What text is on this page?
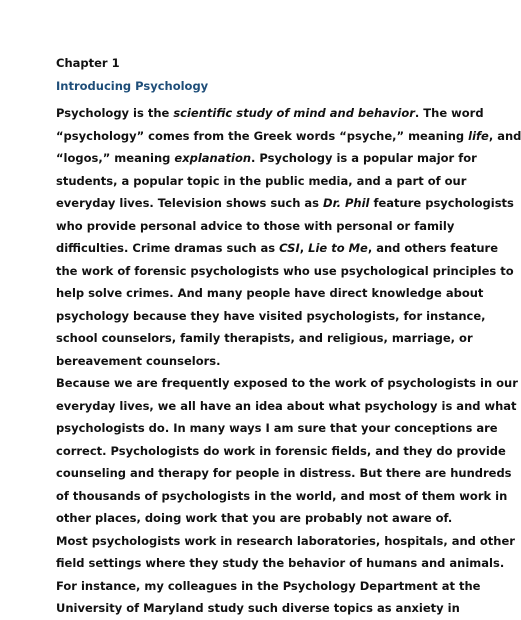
Chapter 1

Introducing Psychology

Psychology is the scientific study of mind and behavior. The word
“psychology” comes from the Greek words “psyche,” meaning life, and
“logos,” meaning explanation. Psychology is a popular major for
students, a popular topic in the public media, and a part of our
everyday lives. Television shows such as Dr. Phil feature psychologists
who provide personal advice to those with personal or family
difficulties. Crime dramas such as CSI, Lie to Me, and others feature
the work of forensic psychologists who use psychological principles to
help solve crimes. And many people have direct knowledge about
psychology because they have visited psychologists, for instance,
school counselors, family therapists, and religious, marriage, or
bereavement counselors.

Because we are frequently exposed to the work of psychologists in our
everyday lives, we all have an idea about what psychology is and what
psychologists do. In many ways I am sure that your conceptions are
correct. Psychologists do work in forensic fields, and they do provide
counseling and therapy for people in distress. But there are hundreds
of thousands of psychologists in the world, and most of them work in
other places, doing work that you are probably not aware of.

Most psychologists work in research laboratories, hospitals, and other
field settings where they study the behavior of humans and animals.
For instance, my colleagues in the Psychology Department at the
University of Maryland study such diverse topics as anxiety in
